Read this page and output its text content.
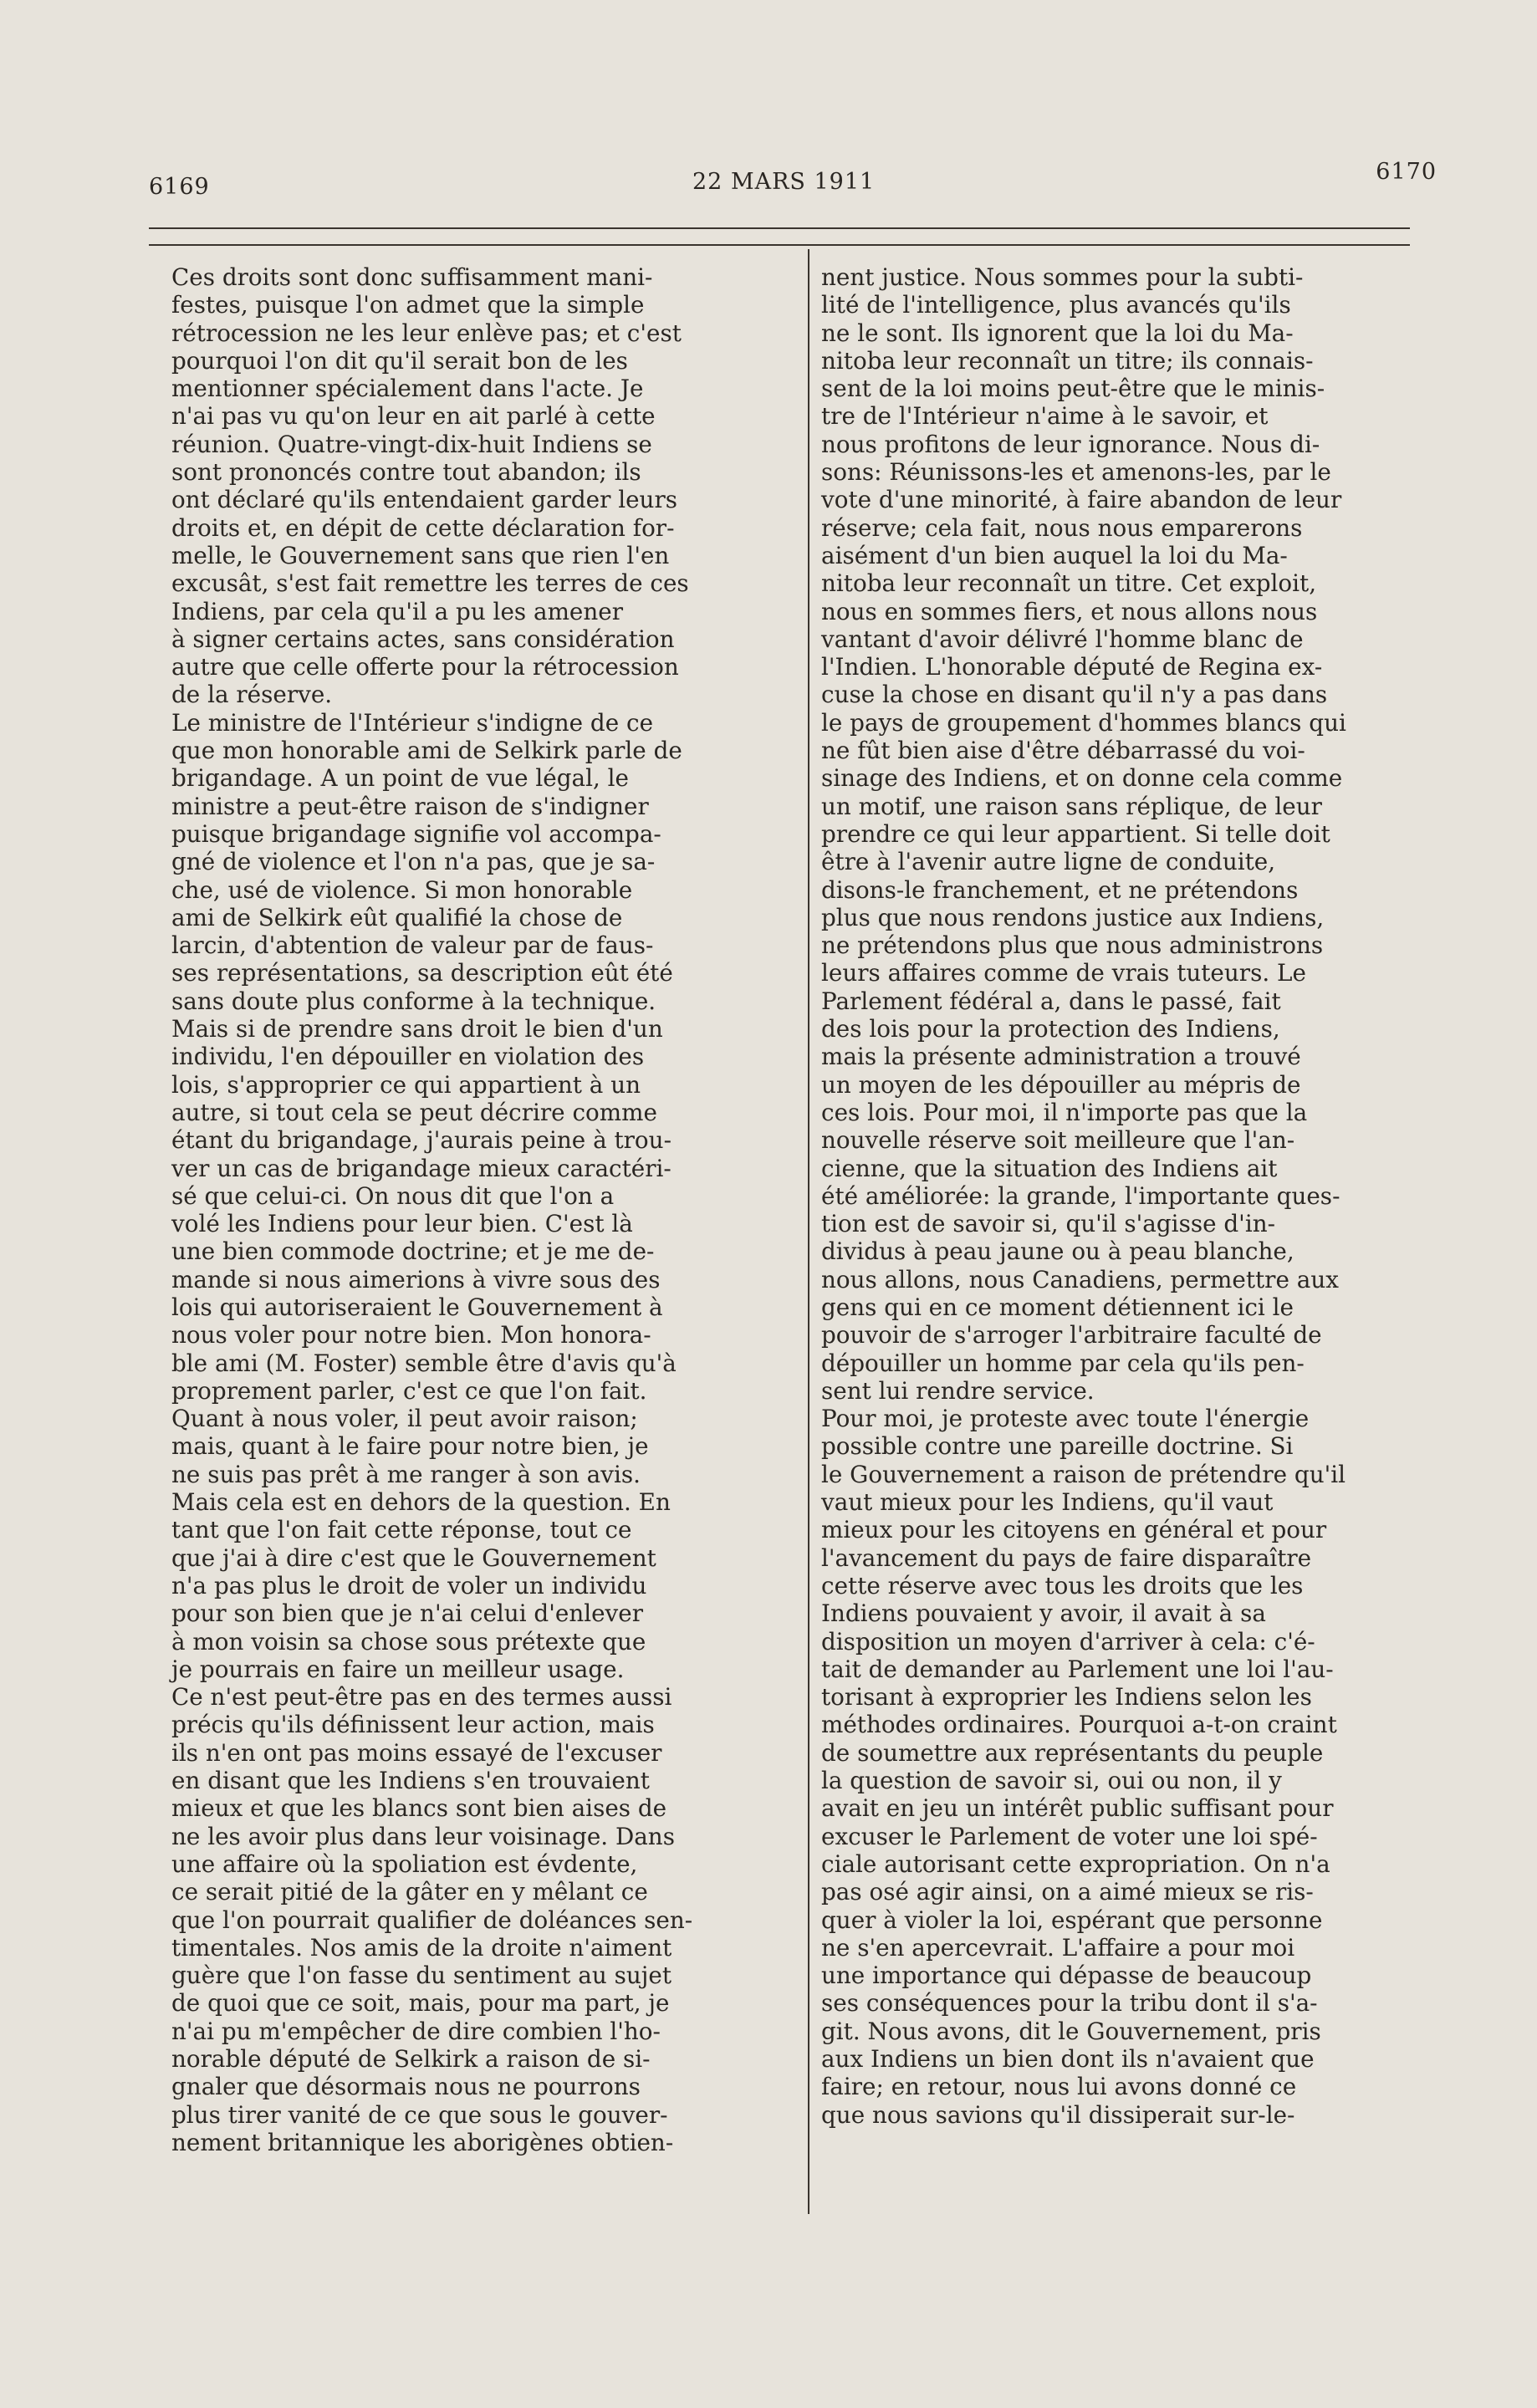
6169	22 MARS 1911	6170

Ces droits sont donc suffisamment mani-
festes, puisque l'on admet que la simple
rétrocession ne les leur enlève pas; et c'est
pourquoi l'on dit qu'il serait bon de les
mentionner spécialement dans l'acte. Je
n'ai pas vu qu'on leur en ait parlé à cette
réunion. Quatre-vingt-dix-huit Indiens se
sont prononcés contre tout abandon; ils
ont déclaré qu'ils entendaient garder leurs
droits et, en dépit de cette déclaration for-
melle, le Gouvernement sans que rien l'en
excusât, s'est fait remettre les terres de ces
Indiens, par cela qu'il a pu les amener
à signer certains actes, sans considération
autre que celle offerte pour la rétrocession
de la réserve.

Le ministre de l'Intérieur s'indigne de ce
que mon honorable ami de Selkirk parle de
brigandage. A un point de vue légal, le
ministre a peut-être raison de s'indigner
puisque brigandage signifie vol accompa-
gné de violence et l'on n'a pas, que je sa-
che, usé de violence. Si mon honorable
ami de Selkirk eût qualifié la chose de
larcin, d'abtention de valeur par de faus-
ses représentations, sa description eût été
sans doute plus conforme à la technique.
Mais si de prendre sans droit le bien d'un
individu, l'en dépouiller en violation des
lois, s'approprier ce qui appartient à un
autre, si tout cela se peut décrire comme
étant du brigandage, j'aurais peine à trou-
ver un cas de brigandage mieux caractéri-
sé que celui-ci. On nous dit que l'on a
volé les Indiens pour leur bien. C'est là
une bien commode doctrine; et je me de-
mande si nous aimerions à vivre sous des
lois qui autoriseraient le Gouvernement à
nous voler pour notre bien. Mon honora-
ble ami (M. Foster) semble être d'avis qu'à
proprement parler, c'est ce que l'on fait.
Quant à nous voler, il peut avoir raison;
mais, quant à le faire pour notre bien, je
ne suis pas prêt à me ranger à son avis.
Mais cela est en dehors de la question. En
tant que l'on fait cette réponse, tout ce
que j'ai à dire c'est que le Gouvernement
n'a pas plus le droit de voler un individu
pour son bien que je n'ai celui d'enlever
à mon voisin sa chose sous prétexte que
je pourrais en faire un meilleur usage.

Ce n'est peut-être pas en des termes aussi
précis qu'ils définissent leur action, mais
ils n'en ont pas moins essayé de l'excuser
en disant que les Indiens s'en trouvaient
mieux et que les blancs sont bien aises de
ne les avoir plus dans leur voisinage. Dans
une affaire où la spoliation est évdente,
ce serait pitié de la gâter en y mêlant ce
que l'on pourrait qualifier de doléances sen-
timentales. Nos amis de la droite n'aiment
guère que l'on fasse du sentiment au sujet
de quoi que ce soit, mais, pour ma part, je
n'ai pu m'empêcher de dire combien l'ho-
norable député de Selkirk a raison de si-
gnaler que désormais nous ne pourrons
plus tirer vanité de ce que sous le gouver-
nement britannique les aborigènes obtien-

nent justice. Nous sommes pour la subti-
lité de l'intelligence, plus avancés qu'ils
ne le sont. Ils ignorent que la loi du Ma-
nitoba leur reconnaît un titre; ils connais-
sent de la loi moins peut-être que le minis-
tre de l'Intérieur n'aime à le savoir, et
nous profitons de leur ignorance. Nous di-
sons: Réunissons-les et amenons-les, par le
vote d'une minorité, à faire abandon de leur
réserve; cela fait, nous nous emparerons
aisément d'un bien auquel la loi du Ma-
nitoba leur reconnaît un titre. Cet exploit,
nous en sommes fiers, et nous allons nous
vantant d'avoir délivré l'homme blanc de
l'Indien. L'honorable député de Regina ex-
cuse la chose en disant qu'il n'y a pas dans
le pays de groupement d'hommes blancs qui
ne fût bien aise d'être débarrassé du voi-
sinage des Indiens, et on donne cela comme
un motif, une raison sans réplique, de leur
prendre ce qui leur appartient. Si telle doit
être à l'avenir autre ligne de conduite,
disons-le franchement, et ne prétendons
plus que nous rendons justice aux Indiens,
ne prétendons plus que nous administrons
leurs affaires comme de vrais tuteurs. Le
Parlement fédéral a, dans le passé, fait
des lois pour la protection des Indiens,
mais la présente administration a trouvé
un moyen de les dépouiller au mépris de
ces lois. Pour moi, il n'importe pas que la
nouvelle réserve soit meilleure que l'an-
cienne, que la situation des Indiens ait
été améliorée: la grande, l'importante ques-
tion est de savoir si, qu'il s'agisse d'in-
dividus à peau jaune ou à peau blanche,
nous allons, nous Canadiens, permettre aux
gens qui en ce moment détiennent ici le
pouvoir de s'arroger l'arbitraire faculté de
dépouiller un homme par cela qu'ils pen-
sent lui rendre service.

Pour moi, je proteste avec toute l'énergie
possible contre une pareille doctrine. Si
le Gouvernement a raison de prétendre qu'il
vaut mieux pour les Indiens, qu'il vaut
mieux pour les citoyens en général et pour
l'avancement du pays de faire disparaître
cette réserve avec tous les droits que les
Indiens pouvaient y avoir, il avait à sa
disposition un moyen d'arriver à cela: c'é-
tait de demander au Parlement une loi l'au-
torisant à exproprier les Indiens selon les
méthodes ordinaires. Pourquoi a-t-on craint
de soumettre aux représentants du peuple
la question de savoir si, oui ou non, il y
avait en jeu un intérêt public suffisant pour
excuser le Parlement de voter une loi spé-
ciale autorisant cette expropriation. On n'a
pas osé agir ainsi, on a aimé mieux se ris-
quer à violer la loi, espérant que personne
ne s'en apercevrait. L'affaire a pour moi
une importance qui dépasse de beaucoup
ses conséquences pour la tribu dont il s'a-
git. Nous avons, dit le Gouvernement, pris
aux Indiens un bien dont ils n'avaient que
faire; en retour, nous lui avons donné ce
que nous savions qu'il dissiperait sur-le-
